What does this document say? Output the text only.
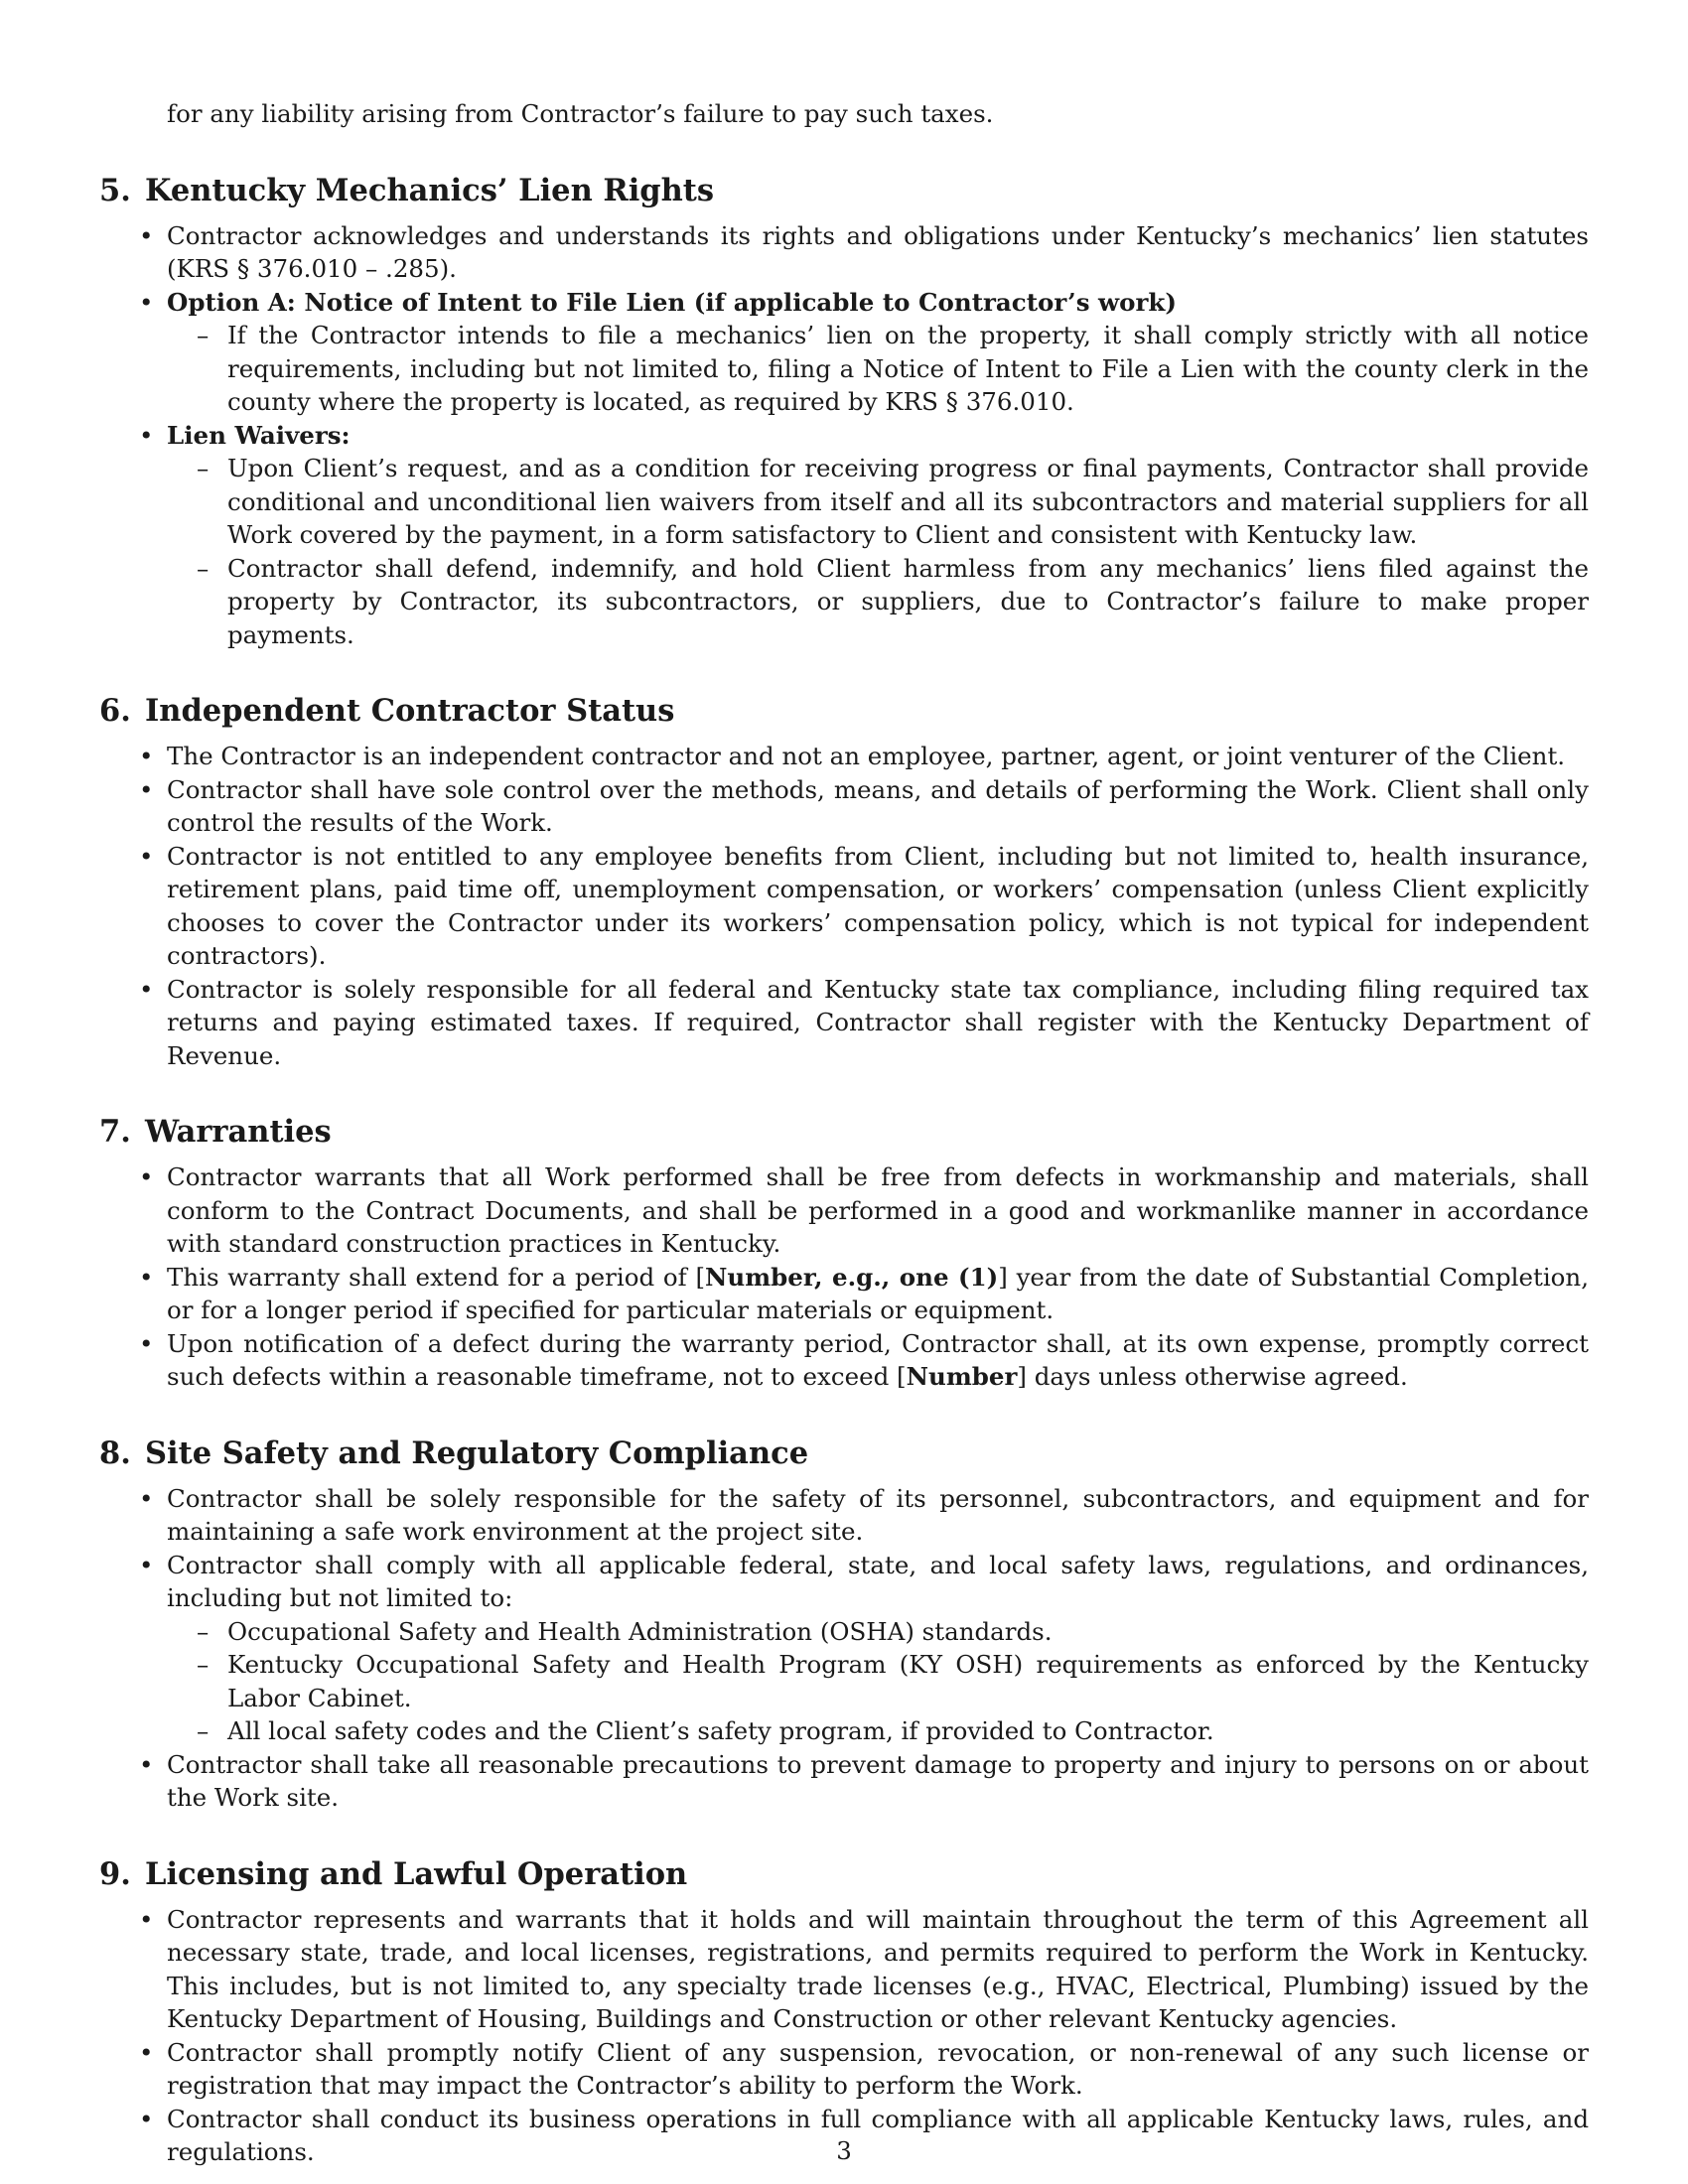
for any liability arising from Contractor’s failure to pay such taxes.

5. Kentucky Mechanics’ Lien Rights
• Contractor acknowledges and understands its rights and obligations under Kentucky’s mechanics’ lien statutes (KRS § 376.010 – .285).
• Option A: Notice of Intent to File Lien (if applicable to Contractor’s work)
– If the Contractor intends to file a mechanics’ lien on the property, it shall comply strictly with all notice requirements, including but not limited to, filing a Notice of Intent to File a Lien with the county clerk in the county where the property is located, as required by KRS § 376.010.
• Lien Waivers:
– Upon Client’s request, and as a condition for receiving progress or final payments, Contractor shall provide conditional and unconditional lien waivers from itself and all its subcontractors and material suppliers for all Work covered by the payment, in a form satisfactory to Client and consistent with Kentucky law.
– Contractor shall defend, indemnify, and hold Client harmless from any mechanics’ liens filed against the property by Contractor, its subcontractors, or suppliers, due to Contractor’s failure to make proper payments.
6. Independent Contractor Status
• The Contractor is an independent contractor and not an employee, partner, agent, or joint venturer of the Client.
• Contractor shall have sole control over the methods, means, and details of performing the Work. Client shall only control the results of the Work.
• Contractor is not entitled to any employee benefits from Client, including but not limited to, health insurance, retirement plans, paid time off, unemployment compensation, or workers’ compensation (unless Client explicitly chooses to cover the Contractor under its workers’ compensation policy, which is not typical for independent contractors).
• Contractor is solely responsible for all federal and Kentucky state tax compliance, including filing required tax returns and paying estimated taxes. If required, Contractor shall register with the Kentucky Department of Revenue.
7. Warranties
• Contractor warrants that all Work performed shall be free from defects in workmanship and materials, shall conform to the Contract Documents, and shall be performed in a good and workmanlike manner in accordance with standard construction practices in Kentucky.
• This warranty shall extend for a period of [Number, e.g., one (1)] year from the date of Substantial Completion, or for a longer period if specified for particular materials or equipment.
• Upon notification of a defect during the warranty period, Contractor shall, at its own expense, promptly correct such defects within a reasonable timeframe, not to exceed [Number] days unless otherwise agreed.
8. Site Safety and Regulatory Compliance
• Contractor shall be solely responsible for the safety of its personnel, subcontractors, and equipment and for maintaining a safe work environment at the project site.
• Contractor shall comply with all applicable federal, state, and local safety laws, regulations, and ordinances, including but not limited to:
– Occupational Safety and Health Administration (OSHA) standards.
– Kentucky Occupational Safety and Health Program (KY OSH) requirements as enforced by the Kentucky Labor Cabinet.
– All local safety codes and the Client’s safety program, if provided to Contractor.
• Contractor shall take all reasonable precautions to prevent damage to property and injury to persons on or about the Work site.
9. Licensing and Lawful Operation
• Contractor represents and warrants that it holds and will maintain throughout the term of this Agreement all necessary state, trade, and local licenses, registrations, and permits required to perform the Work in Kentucky. This includes, but is not limited to, any specialty trade licenses (e.g., HVAC, Electrical, Plumbing) issued by the Kentucky Department of Housing, Buildings and Construction or other relevant Kentucky agencies.
• Contractor shall promptly notify Client of any suspension, revocation, or non-renewal of any such license or registration that may impact the Contractor’s ability to perform the Work.
• Contractor shall conduct its business operations in full compliance with all applicable Kentucky laws, rules, and regulations.	3
